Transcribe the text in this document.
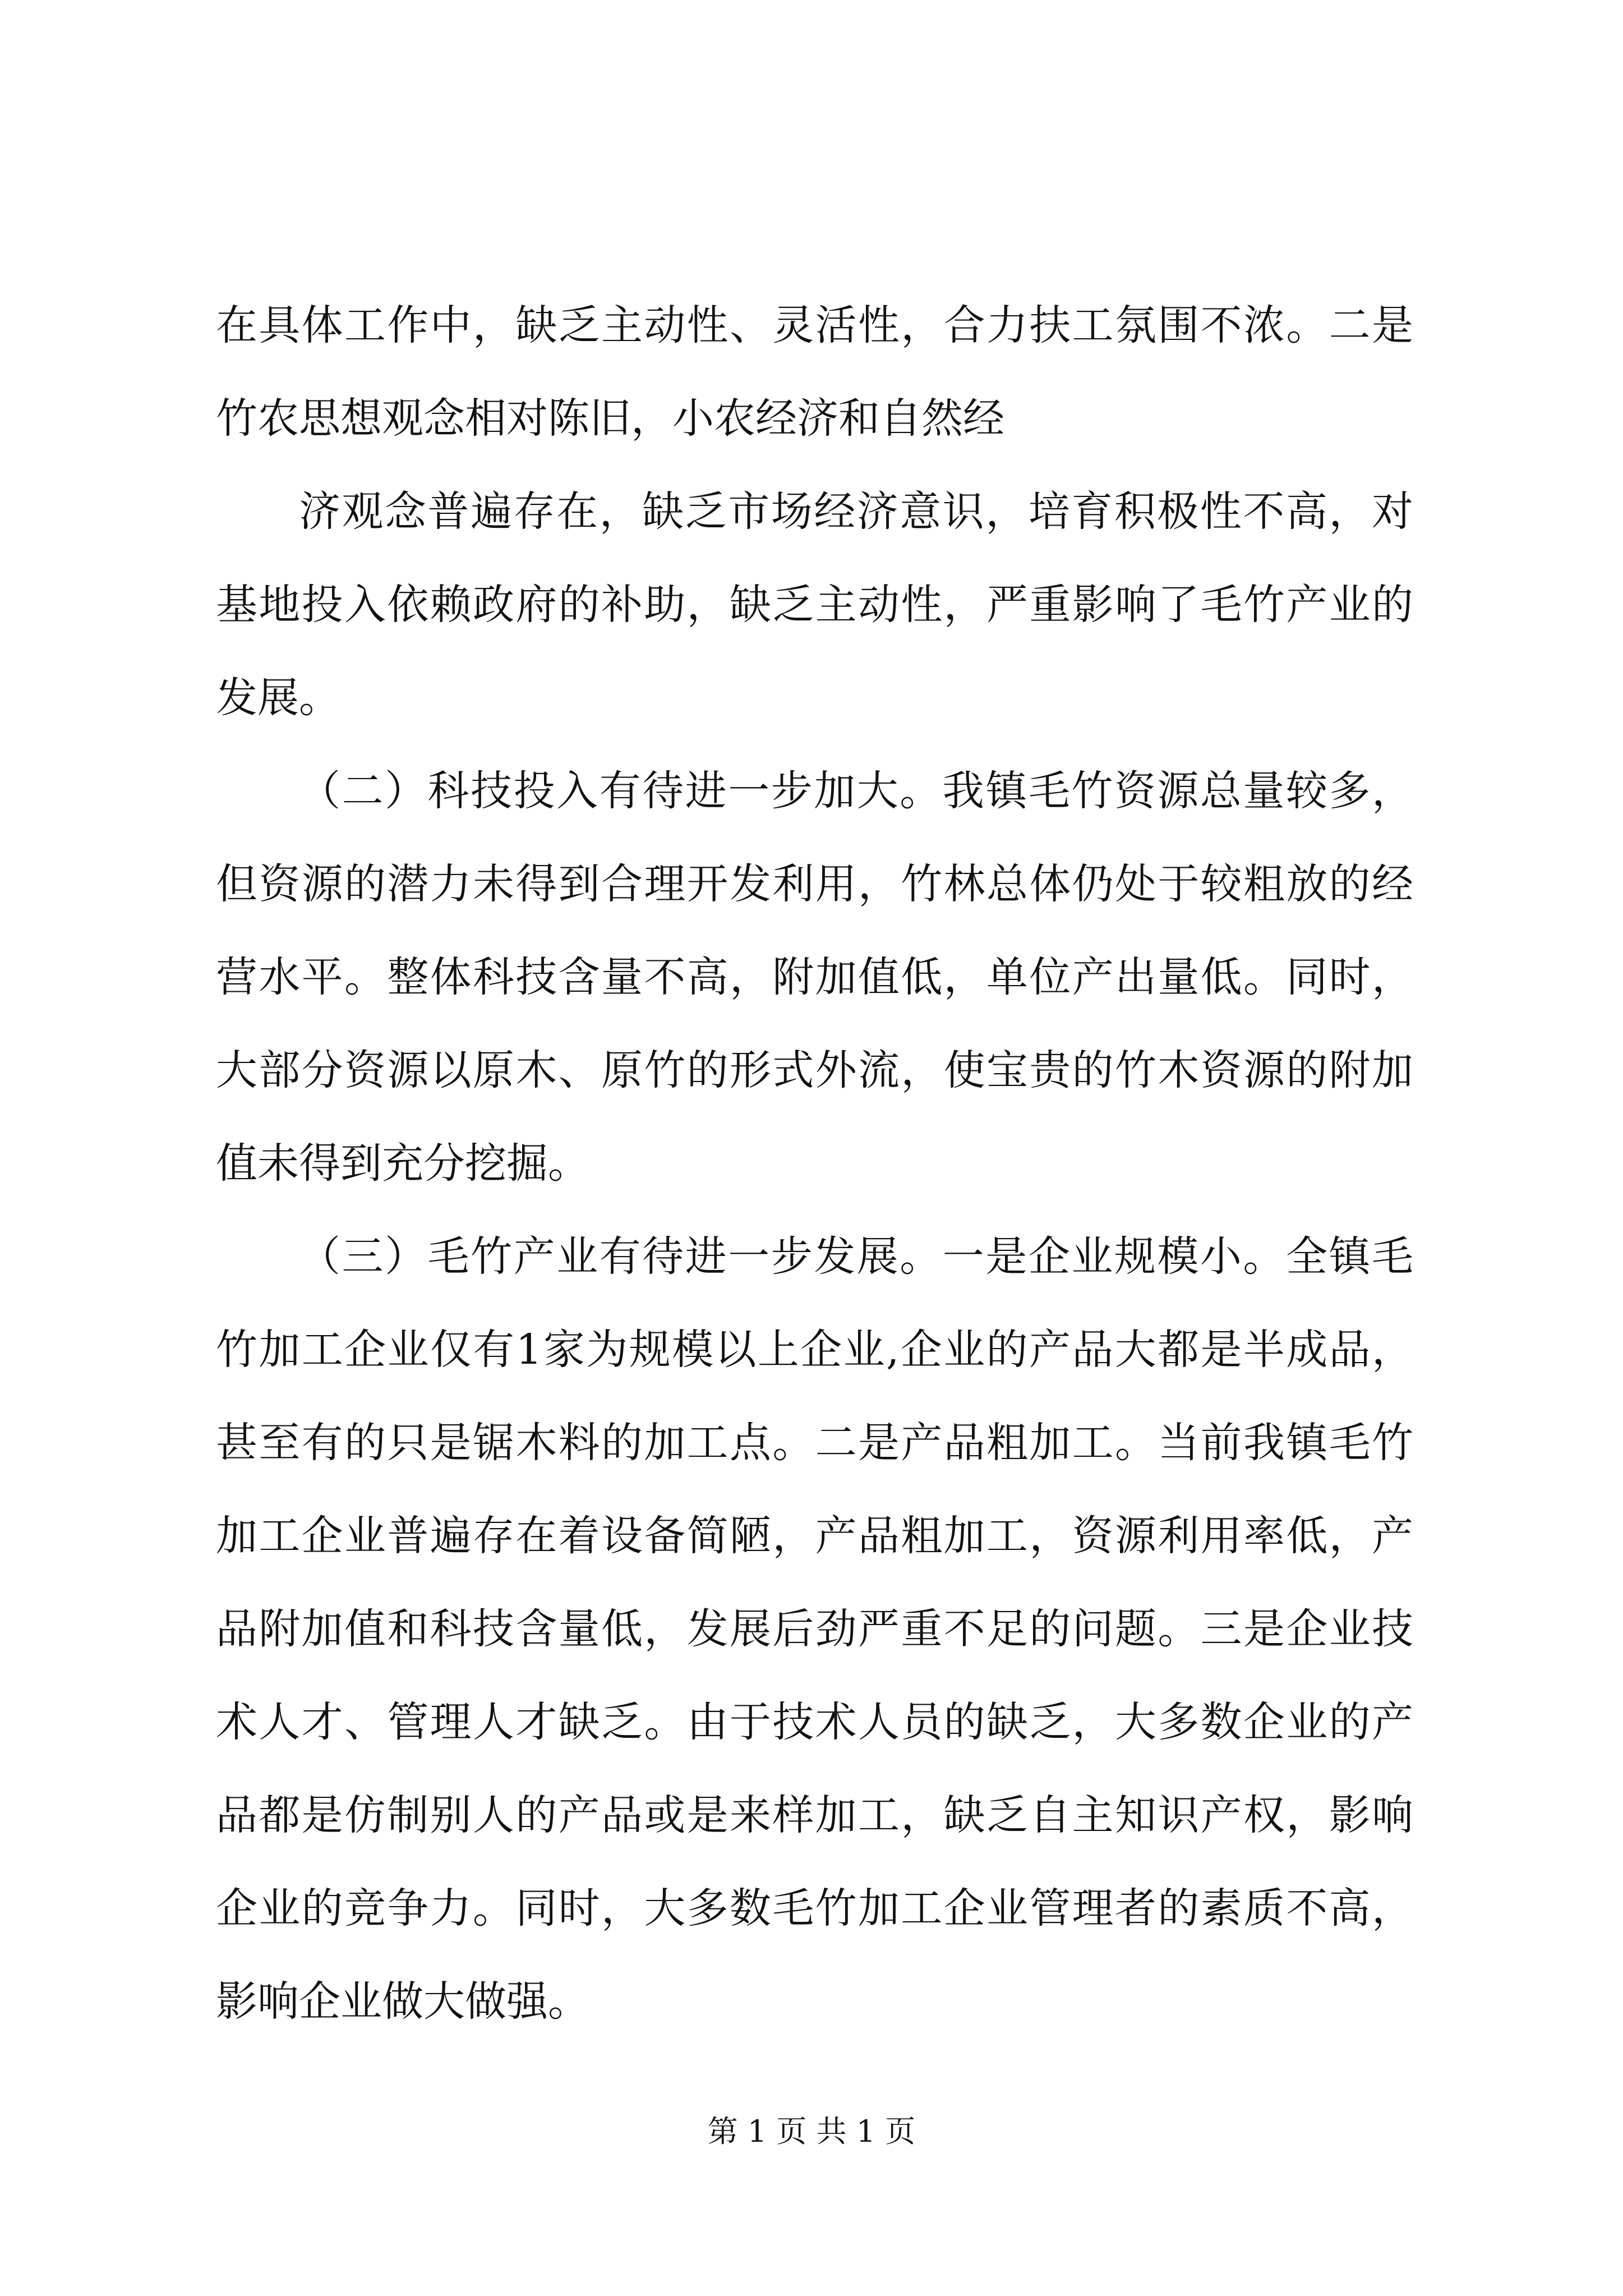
在具体工作中，缺乏主动性、灵活性，合力扶工氛围不浓。二是
竹农思想观念相对陈旧，小农经济和自然经
济观念普遍存在，缺乏市场经济意识，培育积极性不高，对
基地投入依赖政府的补助，缺乏主动性，严重影响了毛竹产业的
发展。
（二）科技投入有待进一步加大。我镇毛竹资源总量较多，
但资源的潜力未得到合理开发利用，竹林总体仍处于较粗放的经
营水平。整体科技含量不高，附加值低，单位产出量低。同时，
大部分资源以原木、原竹的形式外流，使宝贵的竹木资源的附加
值未得到充分挖掘。
（三）毛竹产业有待进一步发展。一是企业规模小。全镇毛
竹加工企业仅有1家为规模以上企业,企业的产品大都是半成品，
甚至有的只是锯木料的加工点。二是产品粗加工。当前我镇毛竹
加工企业普遍存在着设备简陋，产品粗加工，资源利用率低，产
品附加值和科技含量低，发展后劲严重不足的问题。三是企业技
术人才、管理人才缺乏。由于技术人员的缺乏，大多数企业的产
品都是仿制别人的产品或是来样加工，缺乏自主知识产权，影响
企业的竞争力。同时，大多数毛竹加工企业管理者的素质不高，
影响企业做大做强。
第 1 页 共 1 页
